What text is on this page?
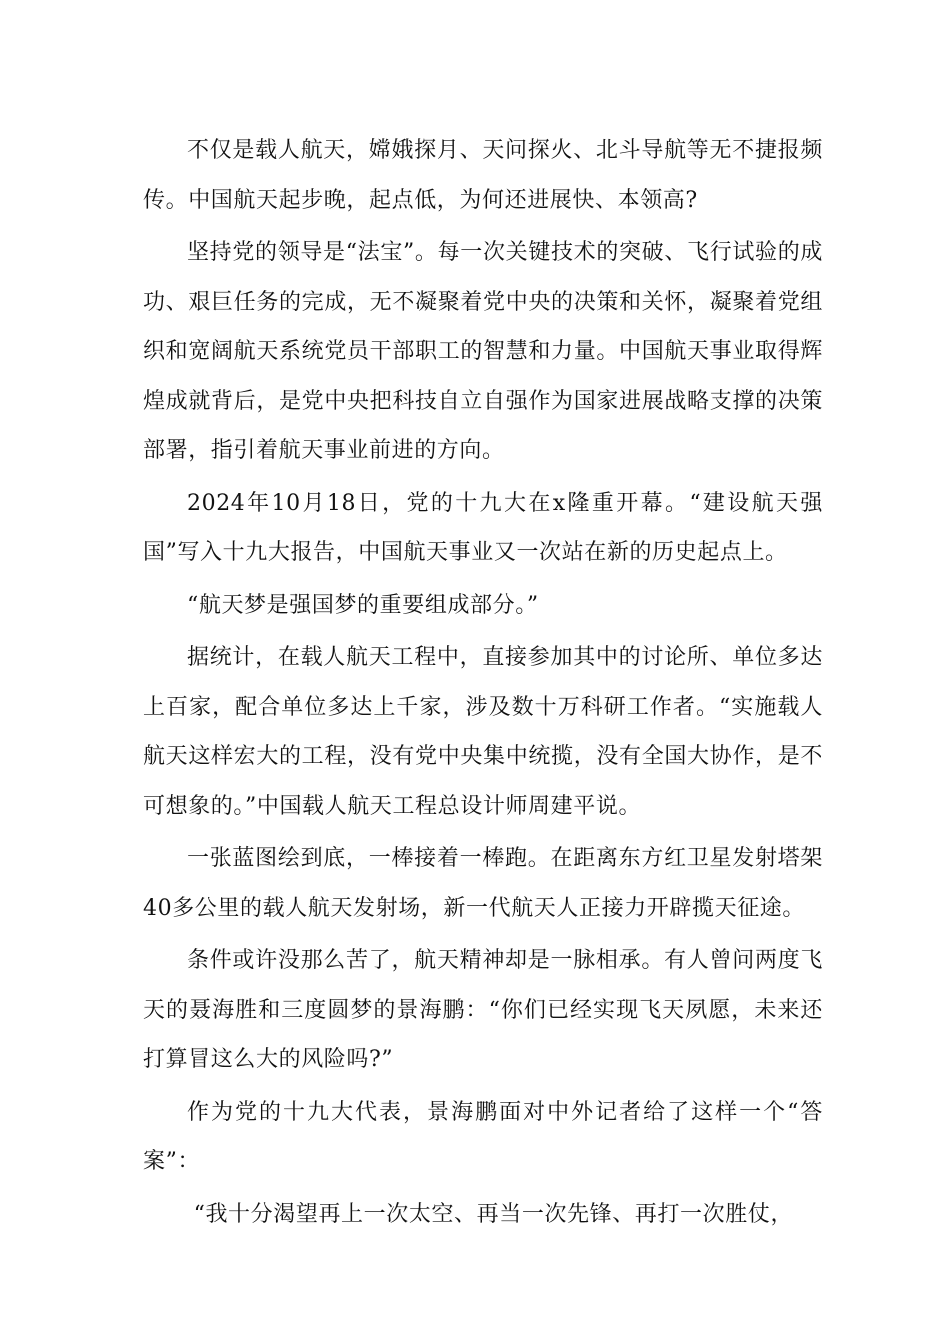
不仅是载人航天，嫦娥探月、天问探火、北斗导航等无不捷报频传。中国航天起步晚，起点低，为何还进展快、本领高?

坚持党的领导是“法宝”。每一次关键技术的突破、飞行试验的成功、艰巨任务的完成，无不凝聚着党中央的决策和关怀，凝聚着党组织和宽阔航天系统党员干部职工的智慧和力量。中国航天事业取得辉煌成就背后，是党中央把科技自立自强作为国家进展战略支撑的决策部署，指引着航天事业前进的方向。

2024年10月18日，党的十九大在x隆重开幕。“建设航天强国”写入十九大报告，中国航天事业又一次站在新的历史起点上。

“航天梦是强国梦的重要组成部分。”

据统计，在载人航天工程中，直接参加其中的讨论所、单位多达上百家，配合单位多达上千家，涉及数十万科研工作者。“实施载人航天这样宏大的工程，没有党中央集中统揽，没有全国大协作，是不可想象的。”中国载人航天工程总设计师周建平说。

一张蓝图绘到底，一棒接着一棒跑。在距离东方红卫星发射塔架40多公里的载人航天发射场，新一代航天人正接力开辟揽天征途。

条件或许没那么苦了，航天精神却是一脉相承。有人曾问两度飞天的聂海胜和三度圆梦的景海鹏：“你们已经实现飞天夙愿，未来还打算冒这么大的风险吗?”

作为党的十九大代表，景海鹏面对中外记者给了这样一个“答案”：

“我十分渴望再上一次太空、再当一次先锋、再打一次胜仗，
